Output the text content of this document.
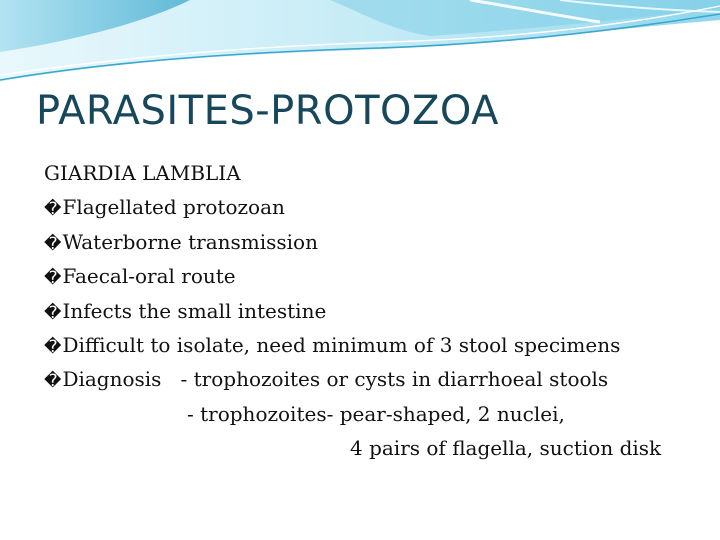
PARASITES-PROTOZOA
GIARDIA LAMBLIA
�Flagellated protozoan
�Waterborne transmission
�Faecal-oral route
�Infects the small intestine
�Difficult to isolate, need minimum of 3 stool specimens
�Diagnosis   - trophozoites or cysts in diarrhoeal stools
- trophozoites- pear-shaped, 2 nuclei,
4 pairs of flagella, suction disk
